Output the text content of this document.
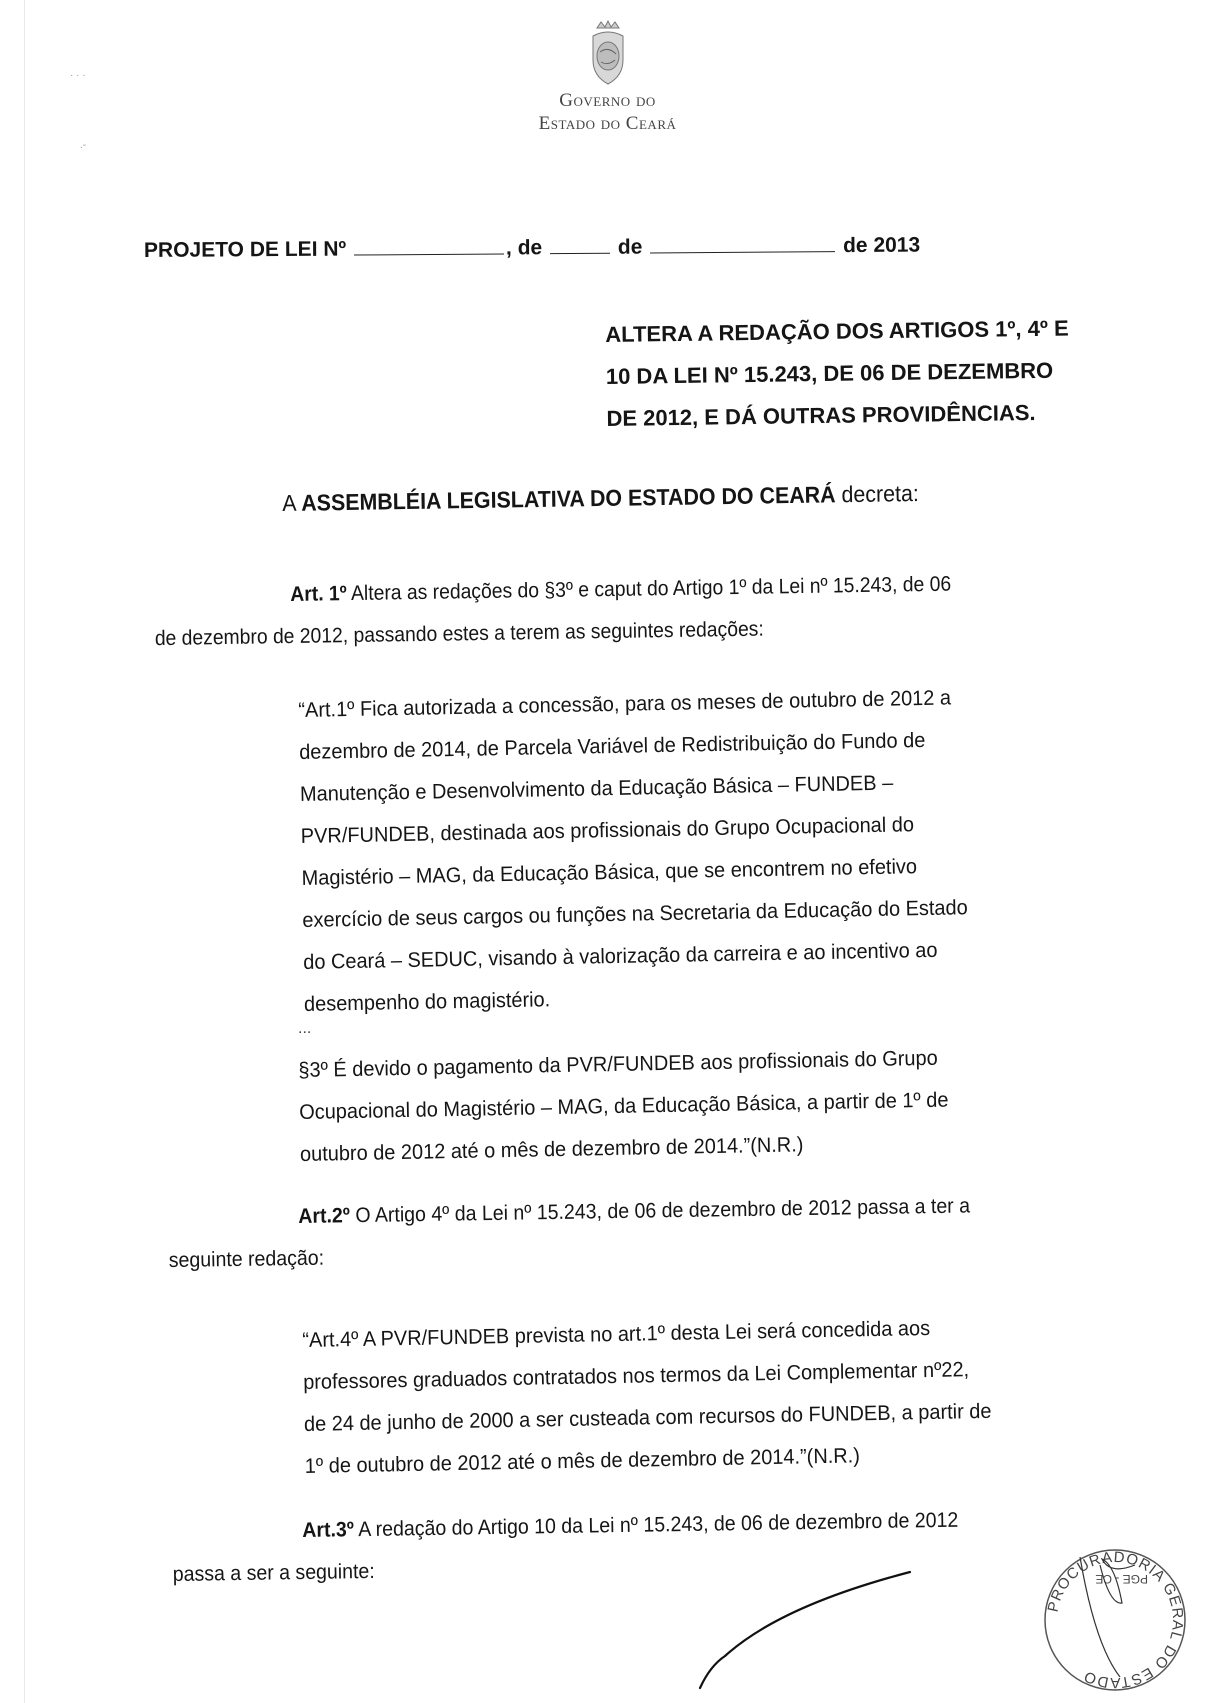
· · ·
.-
GOVERNO DO
ESTADO DO CEARÁ
PROJETO DE LEI Nº	, de	de	de 2013
ALTERA A REDAÇÃO DOS ARTIGOS 1º, 4º E
10 DA LEI Nº 15.243, DE 06 DE DEZEMBRO
DE 2012, E DÁ OUTRAS PROVIDÊNCIAS.
A ASSEMBLÉIA LEGISLATIVA DO ESTADO DO CEARÁ decreta:
Art. 1º Altera as redações do §3º e caput do Artigo 1º da Lei nº 15.243, de 06
de dezembro de 2012, passando estes a terem as seguintes redações:
“Art.1º Fica autorizada a concessão, para os meses de outubro de 2012 a
dezembro de 2014, de Parcela Variável de Redistribuição do Fundo de
Manutenção e Desenvolvimento da Educação Básica – FUNDEB –
PVR/FUNDEB, destinada aos profissionais do Grupo Ocupacional do
Magistério – MAG, da Educação Básica, que se encontrem no efetivo
exercício de seus cargos ou funções na Secretaria da Educação do Estado
do Ceará – SEDUC, visando à valorização da carreira e ao incentivo ao
desempenho do magistério.
...
§3º É devido o pagamento da PVR/FUNDEB aos profissionais do Grupo
Ocupacional do Magistério – MAG, da Educação Básica, a partir de 1º de
outubro de 2012 até o mês de dezembro de 2014.”(N.R.)
Art.2º O Artigo 4º da Lei nº 15.243, de 06 de dezembro de 2012 passa a ter a
seguinte redação:
“Art.4º A PVR/FUNDEB prevista no art.1º desta Lei será concedida aos
professores graduados contratados nos termos da Lei Complementar nº22,
de 24 de junho de 2000 a ser custeada com recursos do FUNDEB, a partir de
1º de outubro de 2012 até o mês de dezembro de 2014.”(N.R.)
Art.3º A redação do Artigo 10 da Lei nº 15.243, de 06 de dezembro de 2012
passa a ser a seguinte:
PROCURADORIA GERAL DO ESTADO
PGE - CE
